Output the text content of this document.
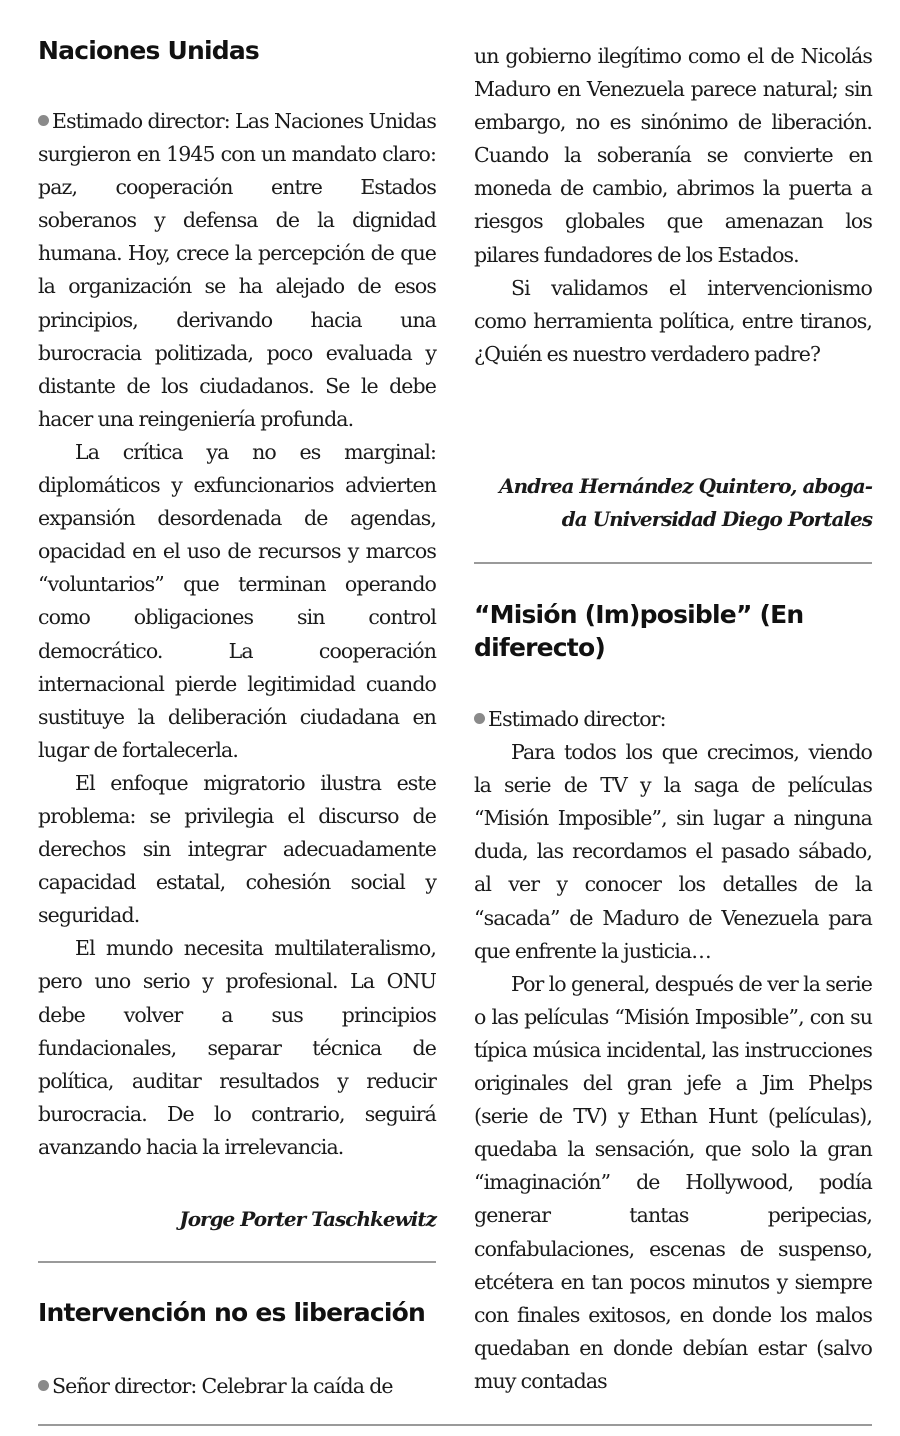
Naciones Unidas

Estimado director: Las Naciones Unidas surgieron en 1945 con un mandato claro: paz, cooperación entre Estados soberanos y defensa de la dignidad humana. Hoy, crece la percepción de que la organización se ha alejado de esos principios, derivando hacia una burocracia politizada, poco evaluada y distante de los ciudadanos. Se le debe hacer una reingeniería profunda.

La crítica ya no es marginal: diplomáticos y exfuncionarios advierten expansión desordenada de agendas, opacidad en el uso de recursos y marcos “voluntarios” que terminan operando como obligaciones sin control democrático. La cooperación internacional pierde legitimidad cuando sustituye la deliberación ciudadana en lugar de fortalecerla.

El enfoque migratorio ilustra este problema: se privilegia el discurso de derechos sin integrar adecuadamente capacidad estatal, cohesión social y seguridad.

El mundo necesita multilateralismo, pero uno serio y profesional. La ONU debe volver a sus principios fundacionales, separar técnica de política, auditar resultados y reducir burocracia. De lo contrario, seguirá avanzando hacia la irrelevancia.

Jorge Porter Taschkewitz

Intervención no es liberación

Señor director: Celebrar la caída de

un gobierno ilegítimo como el de Nicolás Maduro en Venezuela parece natural; sin embargo, no es sinónimo de liberación. Cuando la soberanía se convierte en moneda de cambio, abrimos la puerta a riesgos globales que amenazan los pilares fundadores de los Estados.

Si validamos el intervencionismo como herramienta política, entre tiranos, ¿Quién es nuestro verdadero padre?

Andrea Hernández Quintero, aboga-

da Universidad Diego Portales

“Misión (Im)posible” (En diferecto)

Estimado director:

Para todos los que crecimos, viendo la serie de TV y la saga de películas “Misión Imposible”, sin lugar a ninguna duda, las recordamos el pasado sábado, al ver y conocer los detalles de la “sacada” de Maduro de Venezuela para que enfrente la justicia…

Por lo general, después de ver la serie o las películas “Misión Imposible”, con su típica música incidental, las instrucciones originales del gran jefe a Jim Phelps (serie de TV) y Ethan Hunt (películas), quedaba la sensación, que solo la gran “imaginación” de Hollywood, podía generar tantas peripecias, confabulaciones, escenas de suspenso, etcétera en tan pocos minutos y siempre con finales exitosos, en donde los malos quedaban en donde debían estar (salvo muy contadas
